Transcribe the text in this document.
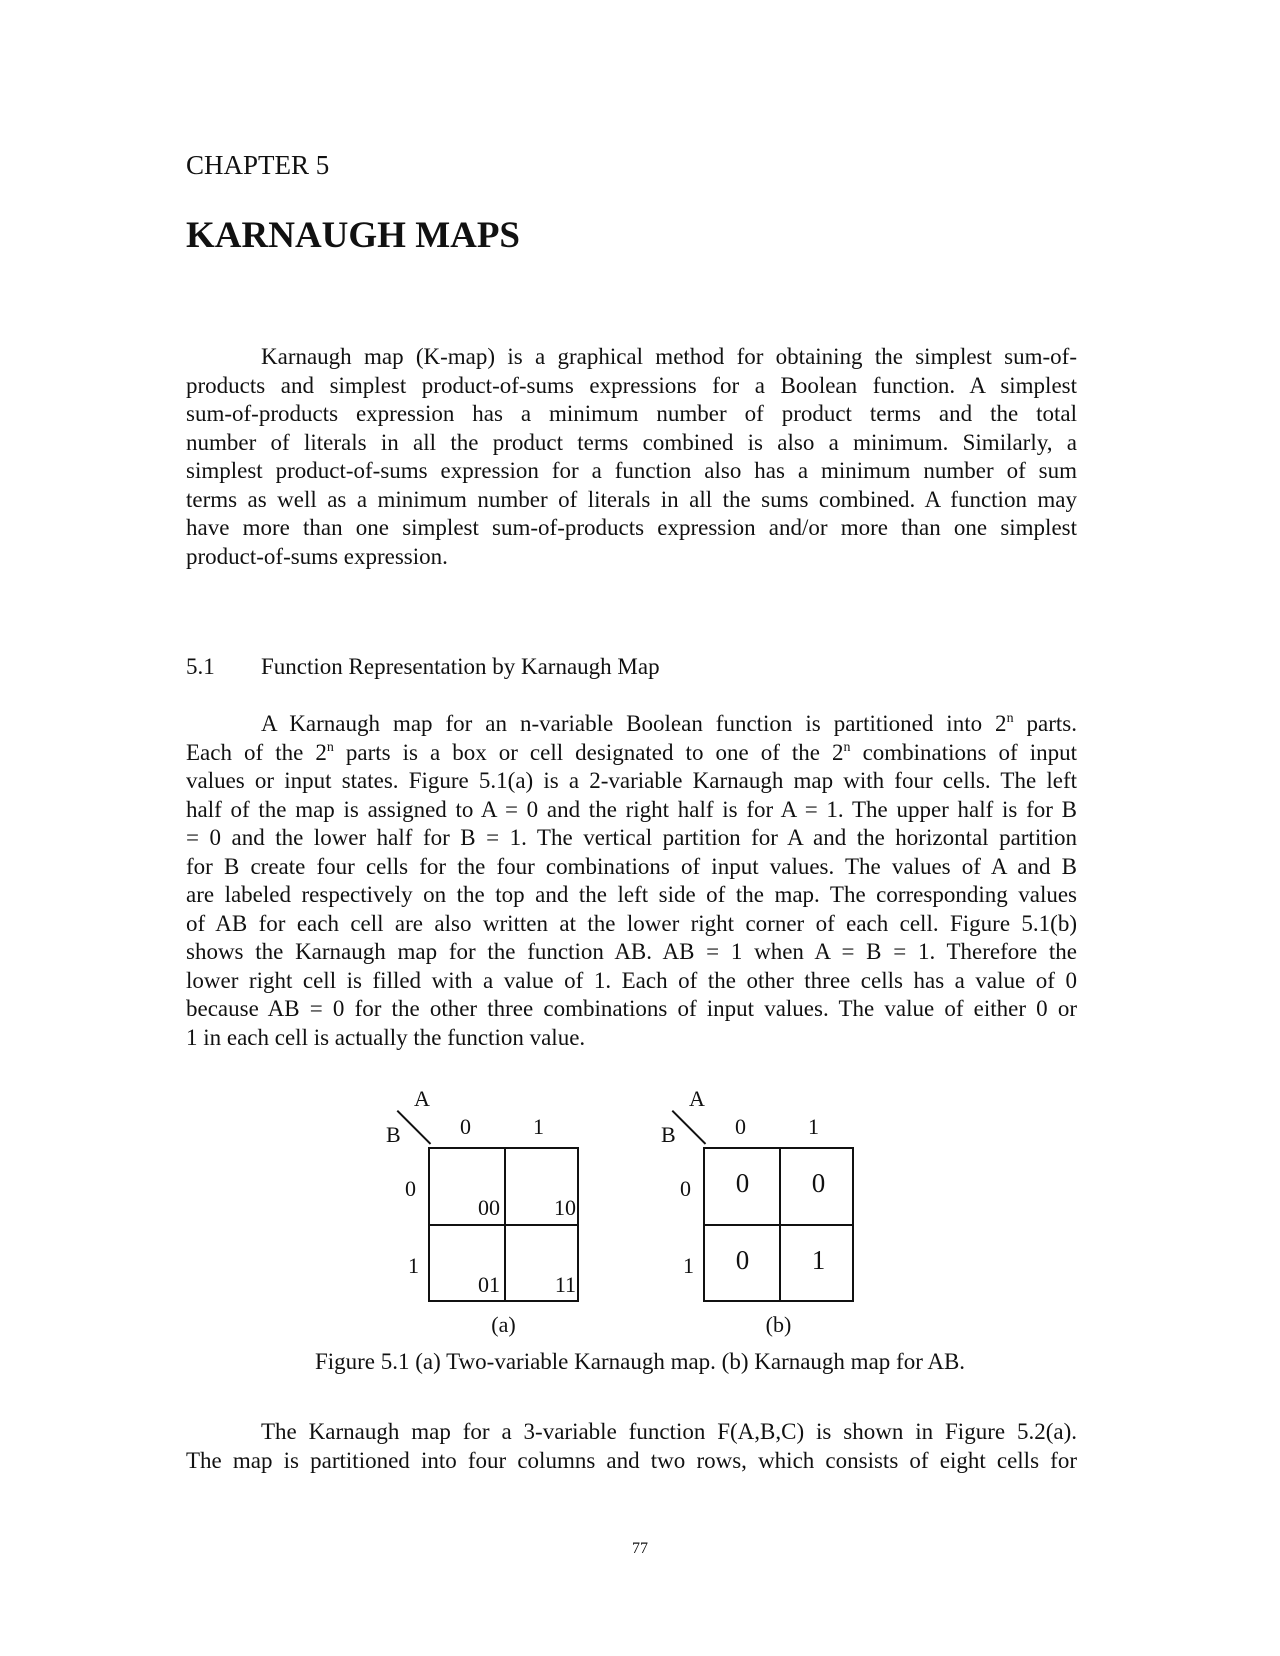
CHAPTER 5
KARNAUGH MAPS
Karnaugh map (K-map) is a graphical method for obtaining the simplest sum-of-
products and simplest product-of-sums expressions for a Boolean function. A simplest
sum-of-products expression has a minimum number of product terms and the total
number of literals in all the product terms combined is also a minimum. Similarly, a
simplest product-of-sums expression for a function also has a minimum number of sum
terms as well as a minimum number of literals in all the sums combined. A function may
have more than one simplest sum-of-products expression and/or more than one simplest
product-of-sums expression.
5.1 Function Representation by Karnaugh Map
A Karnaugh map for an n-variable Boolean function is partitioned into 2$^n$ parts.
Each of the 2$^n$ parts is a box or cell designated to one of the 2$^n$ combinations of input
values or input states. Figure 5.1(a) is a 2-variable Karnaugh map with four cells. The left
half of the map is assigned to A = 0 and the right half is for A = 1. The upper half is for B
= 0 and the lower half for B = 1. The vertical partition for A and the horizontal partition
for B create four cells for the four combinations of input values. The values of A and B
are labeled respectively on the top and the left side of the map. The corresponding values
of AB for each cell are also written at the lower right corner of each cell. Figure 5.1(b)
shows the Karnaugh map for the function AB. AB = 1 when A = B = 1. Therefore the
lower right cell is filled with a value of 1. Each of the other three cells has a value of 0
because AB = 0 for the other three combinations of input values. The value of either 0 or
1 in each cell is actually the function value.
A
B	0	1
0
1
00	10
01	11
(a)
A
B	0	1
0
1
0	0
0	1
(b)
Figure 5.1 (a) Two-variable Karnaugh map. (b) Karnaugh map for AB.
The Karnaugh map for a 3-variable function F(A,B,C) is shown in Figure 5.2(a).
The map is partitioned into four columns and two rows, which consists of eight cells for
77
